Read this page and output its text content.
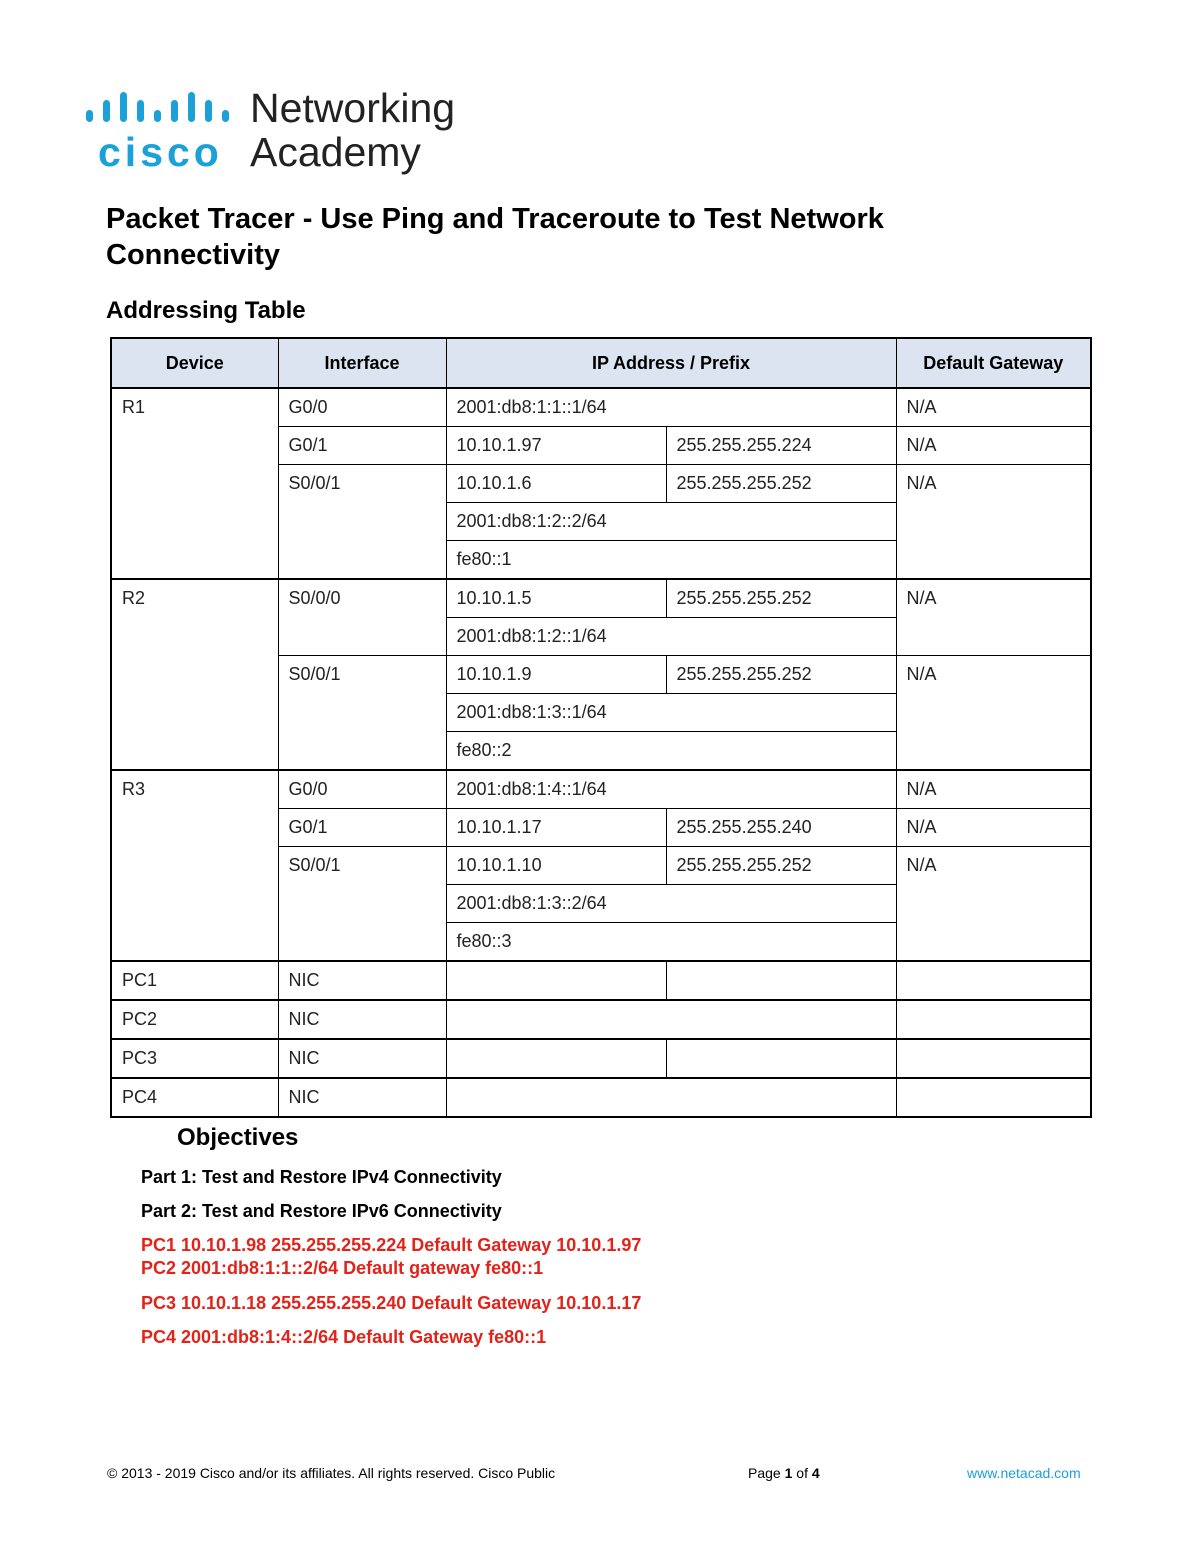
cisco
Networking
Academy
Packet Tracer - Use Ping and Traceroute to Test Network Connectivity
Addressing Table
Device	Interface	IP Address / Prefix		Default Gateway
R1	G0/0	2001:db8:1:1::1/64		N/A
	G0/1	10.10.1.97	255.255.255.224	N/A
	S0/0/1	10.10.1.6	255.255.255.252	N/A
		2001:db8:1:2::2/64		
		fe80::1		
R2	S0/0/0	10.10.1.5	255.255.255.252	N/A
		2001:db8:1:2::1/64		
	S0/0/1	10.10.1.9	255.255.255.252	N/A
		2001:db8:1:3::1/64		
		fe80::2		
R3	G0/0	2001:db8:1:4::1/64		N/A
	G0/1	10.10.1.17	255.255.255.240	N/A
	S0/0/1	10.10.1.10	255.255.255.252	N/A
		2001:db8:1:3::2/64		
		fe80::3		
PC1	NIC			
PC2	NIC			
PC3	NIC			
PC4	NIC			
Objectives

Part 1: Test and Restore IPv4 Connectivity

Part 2: Test and Restore IPv6 Connectivity

PC1 10.10.1.98 255.255.255.224 Default Gateway 10.10.1.97

PC2 2001:db8:1:1::2/64 Default gateway fe80::1

PC3 10.10.1.18 255.255.255.240 Default Gateway 10.10.1.17

PC4 2001:db8:1:4::2/64 Default Gateway fe80::1

© 2013 - 2019 Cisco and/or its affiliates. All rights reserved. Cisco Public	Page 1 of 4	www.netacad.com
